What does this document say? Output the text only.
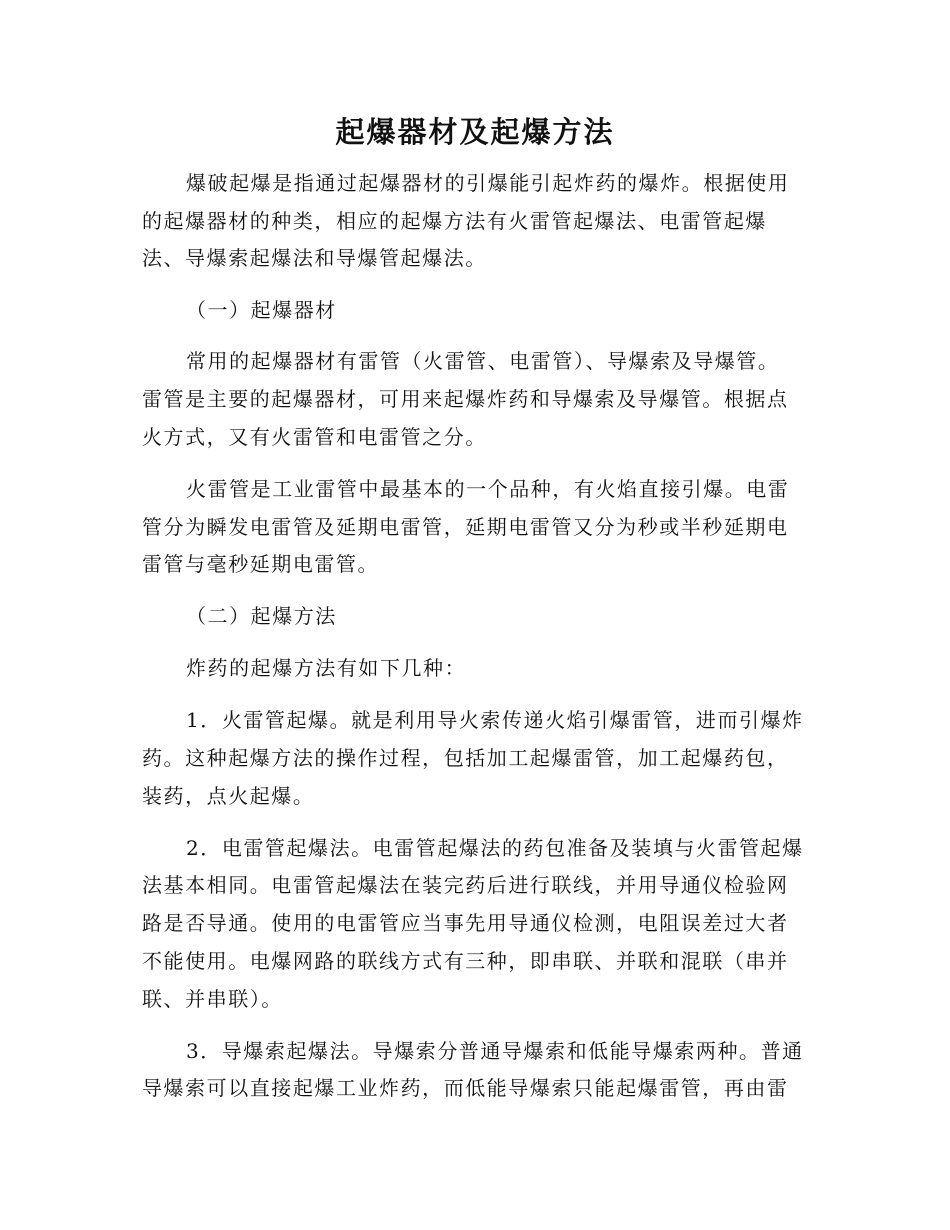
起爆器材及起爆方法
爆破起爆是指通过起爆器材的引爆能引起炸药的爆炸。根据使用
的起爆器材的种类，相应的起爆方法有火雷管起爆法、电雷管起爆
法、导爆索起爆法和导爆管起爆法。
（一）起爆器材
常用的起爆器材有雷管（火雷管、电雷管）、导爆索及导爆管。
雷管是主要的起爆器材，可用来起爆炸药和导爆索及导爆管。根据点
火方式，又有火雷管和电雷管之分。
火雷管是工业雷管中最基本的一个品种，有火焰直接引爆。电雷
管分为瞬发电雷管及延期电雷管，延期电雷管又分为秒或半秒延期电
雷管与毫秒延期电雷管。
（二）起爆方法
炸药的起爆方法有如下几种：
1．火雷管起爆。就是利用导火索传递火焰引爆雷管，进而引爆炸
药。这种起爆方法的操作过程，包括加工起爆雷管，加工起爆药包，
装药，点火起爆。
2．电雷管起爆法。电雷管起爆法的药包准备及装填与火雷管起爆
法基本相同。电雷管起爆法在装完药后进行联线，并用导通仪检验网
路是否导通。使用的电雷管应当事先用导通仪检测，电阻误差过大者
不能使用。电爆网路的联线方式有三种，即串联、并联和混联（串并
联、并串联）。
3．导爆索起爆法。导爆索分普通导爆索和低能导爆索两种。普通
导爆索可以直接起爆工业炸药，而低能导爆索只能起爆雷管，再由雷
